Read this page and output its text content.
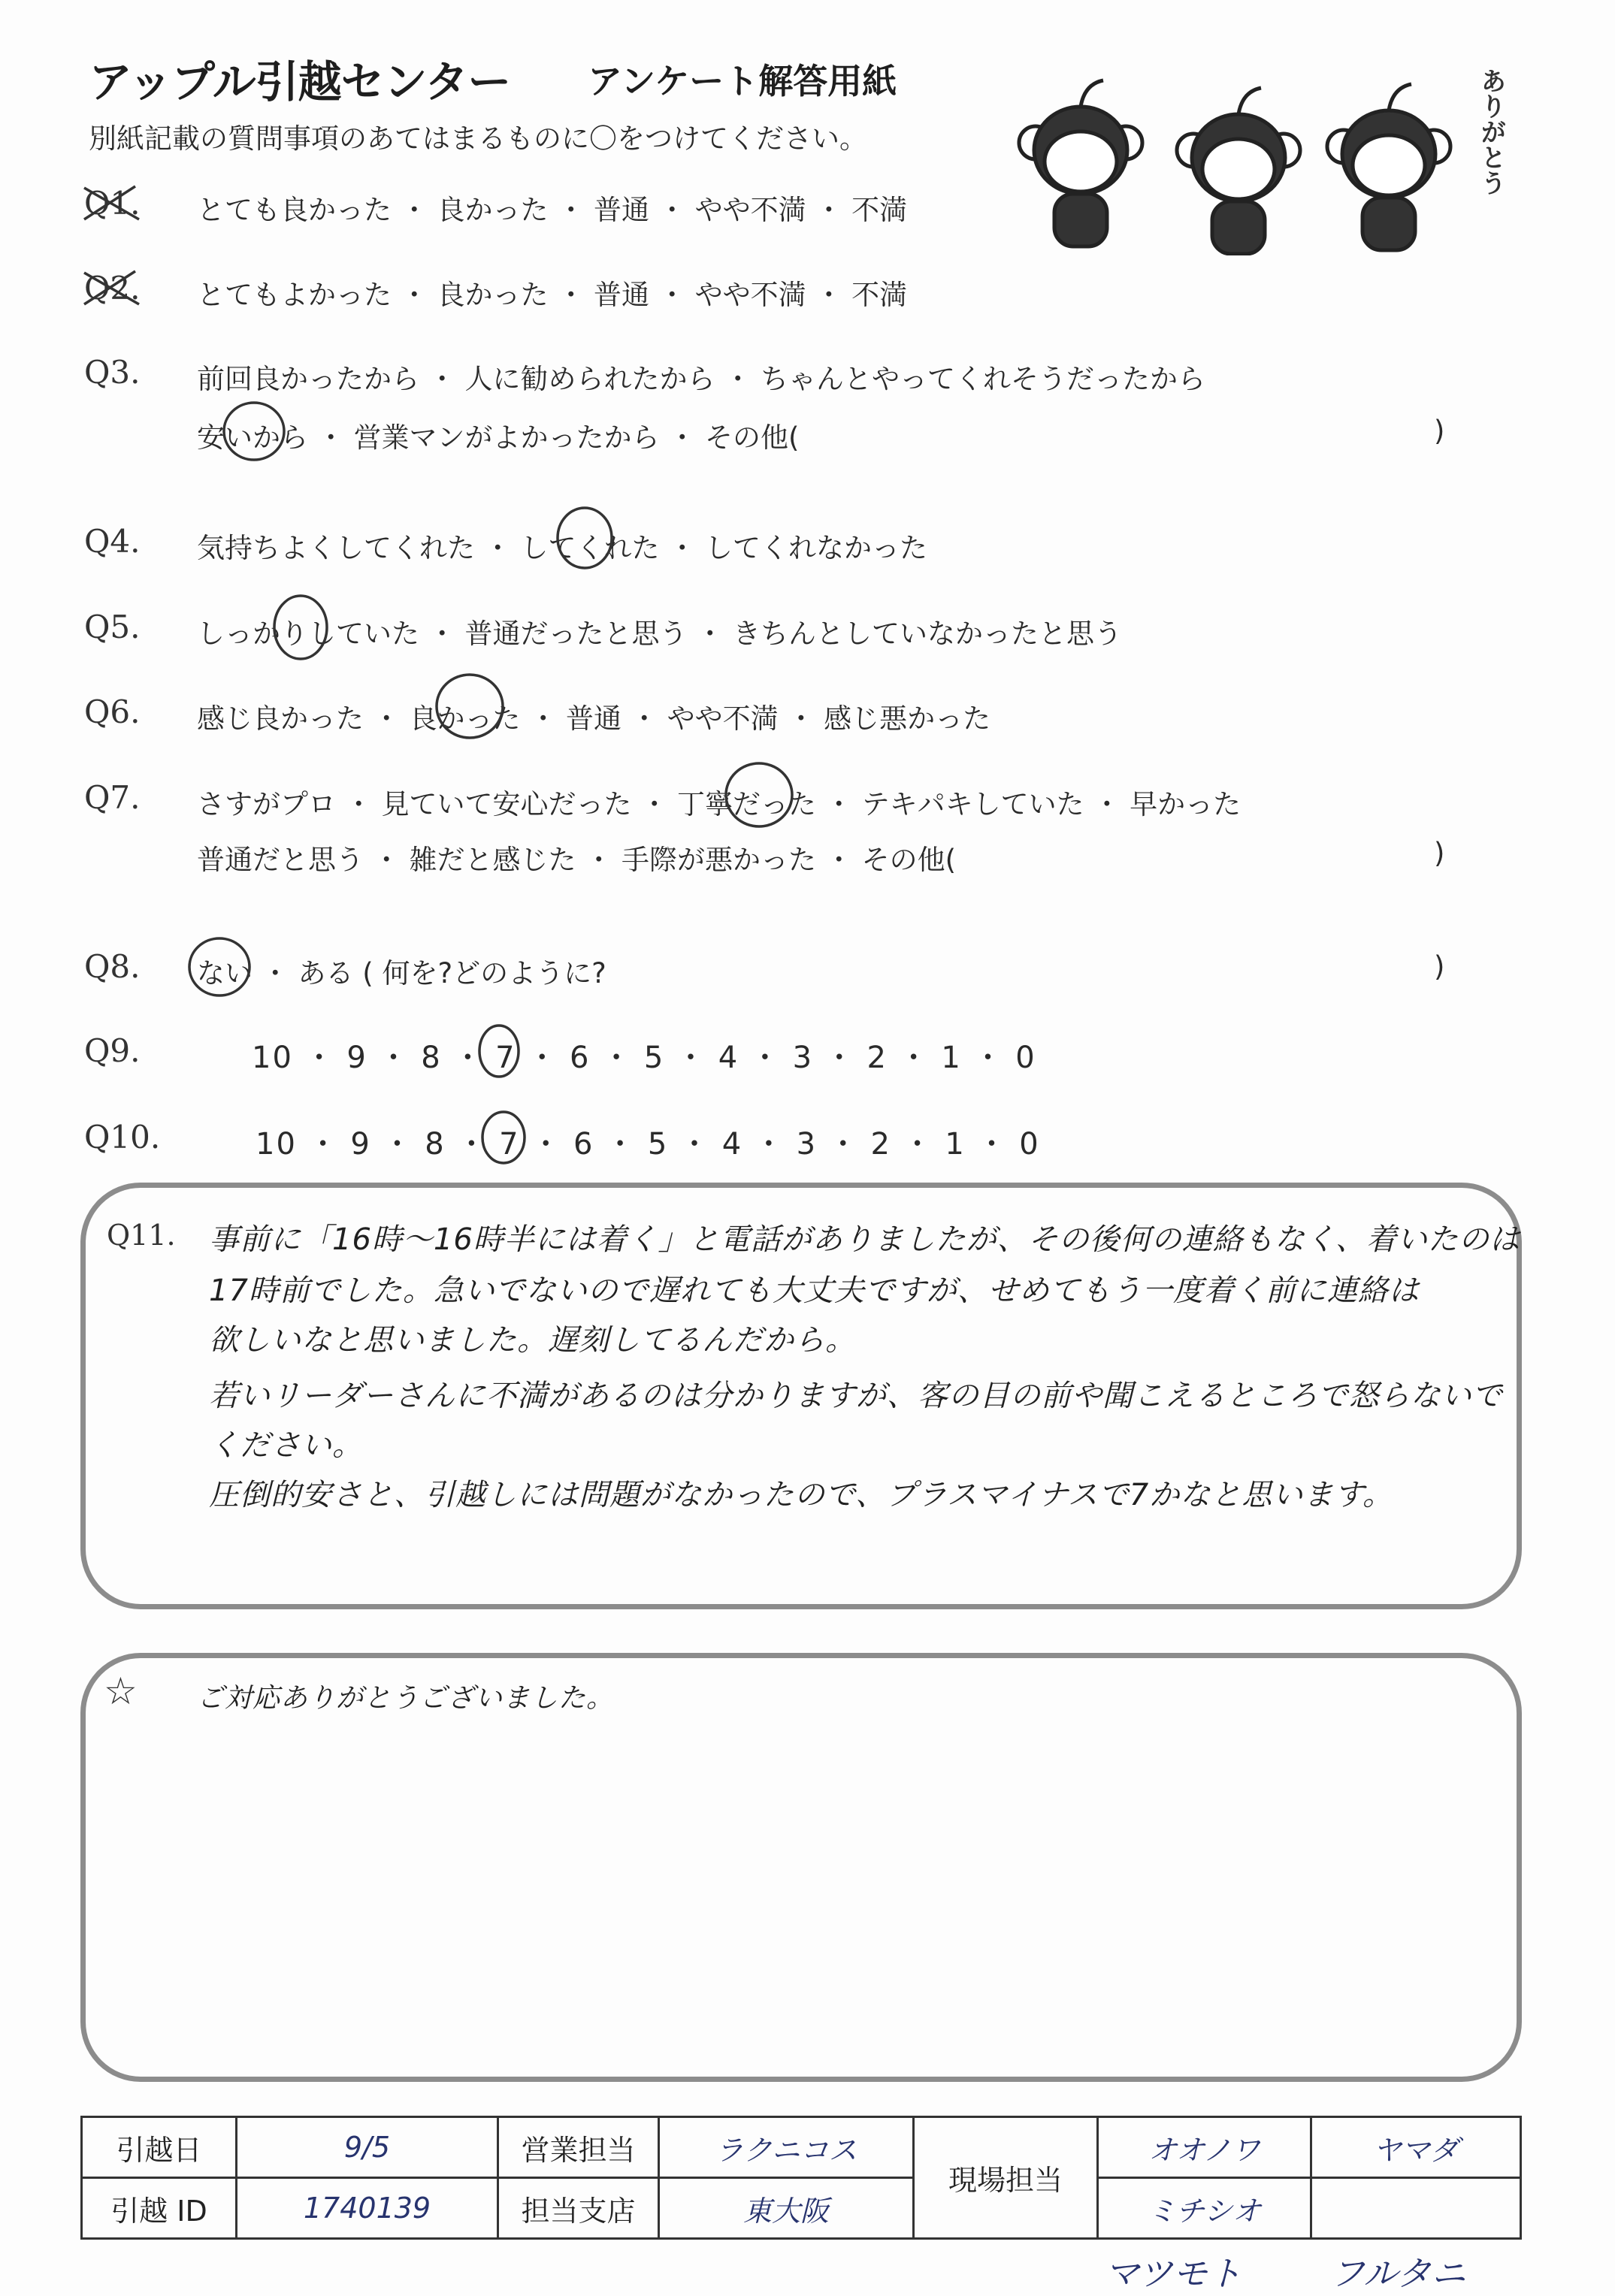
アップル引越センター アンケート解答用紙
別紙記載の質問事項のあてはまるものに〇をつけてください。	ありがとう
Q1. とても良かった ・ 良かった ・ 普通 ・ やや不満 ・ 不満
Q2. とてもよかった ・ 良かった ・ 普通 ・ やや不満 ・ 不満
Q3. 前回良かったから ・ 人に勧められたから ・ ちゃんとやってくれそうだったから
安いから ・ 営業マンがよかったから ・ その他(	)
Q4. 気持ちよくしてくれた ・ してくれた ・ してくれなかった
Q5. しっかりしていた ・ 普通だったと思う ・ きちんとしていなかったと思う
Q6. 感じ良かった ・ 良かった ・ 普通 ・ やや不満 ・ 感じ悪かった
Q7. さすがプロ ・ 見ていて安心だった ・ 丁寧だった ・ テキパキしていた ・ 早かった
普通だと思う ・ 雑だと感じた ・ 手際が悪かった ・ その他(	)
Q8. ない ・ ある ( 何を?どのように?	)
Q9.	10 ・ 9 ・ 8 ・ 7 ・ 6 ・ 5 ・ 4 ・ 3 ・ 2 ・ 1 ・ 0
Q10.	10 ・ 9 ・ 8 ・ 7 ・ 6 ・ 5 ・ 4 ・ 3 ・ 2 ・ 1 ・ 0
Q11. 事前に「16時～16時半には着く」と電話がありましたが、その後何の連絡もなく、着いたのは
17時前でした。急いでないので遅れても大丈夫ですが、せめてもう一度着く前に連絡は
欲しいなと思いました。遅刻してるんだから。
若いリーダーさんに不満があるのは分かりますが、客の目の前や聞こえるところで怒らないで
ください。
圧倒的安さと、引越しには問題がなかったので、プラスマイナスで7かなと思います。
☆ ご対応ありがとうございました。
引越日	9/5	営業担当	ラクニコス	現場担当	オオノワ	ヤマダ
引越 ID	1740139	担当支店	東大阪		ミチシオ	
マツモト	フルタニ
